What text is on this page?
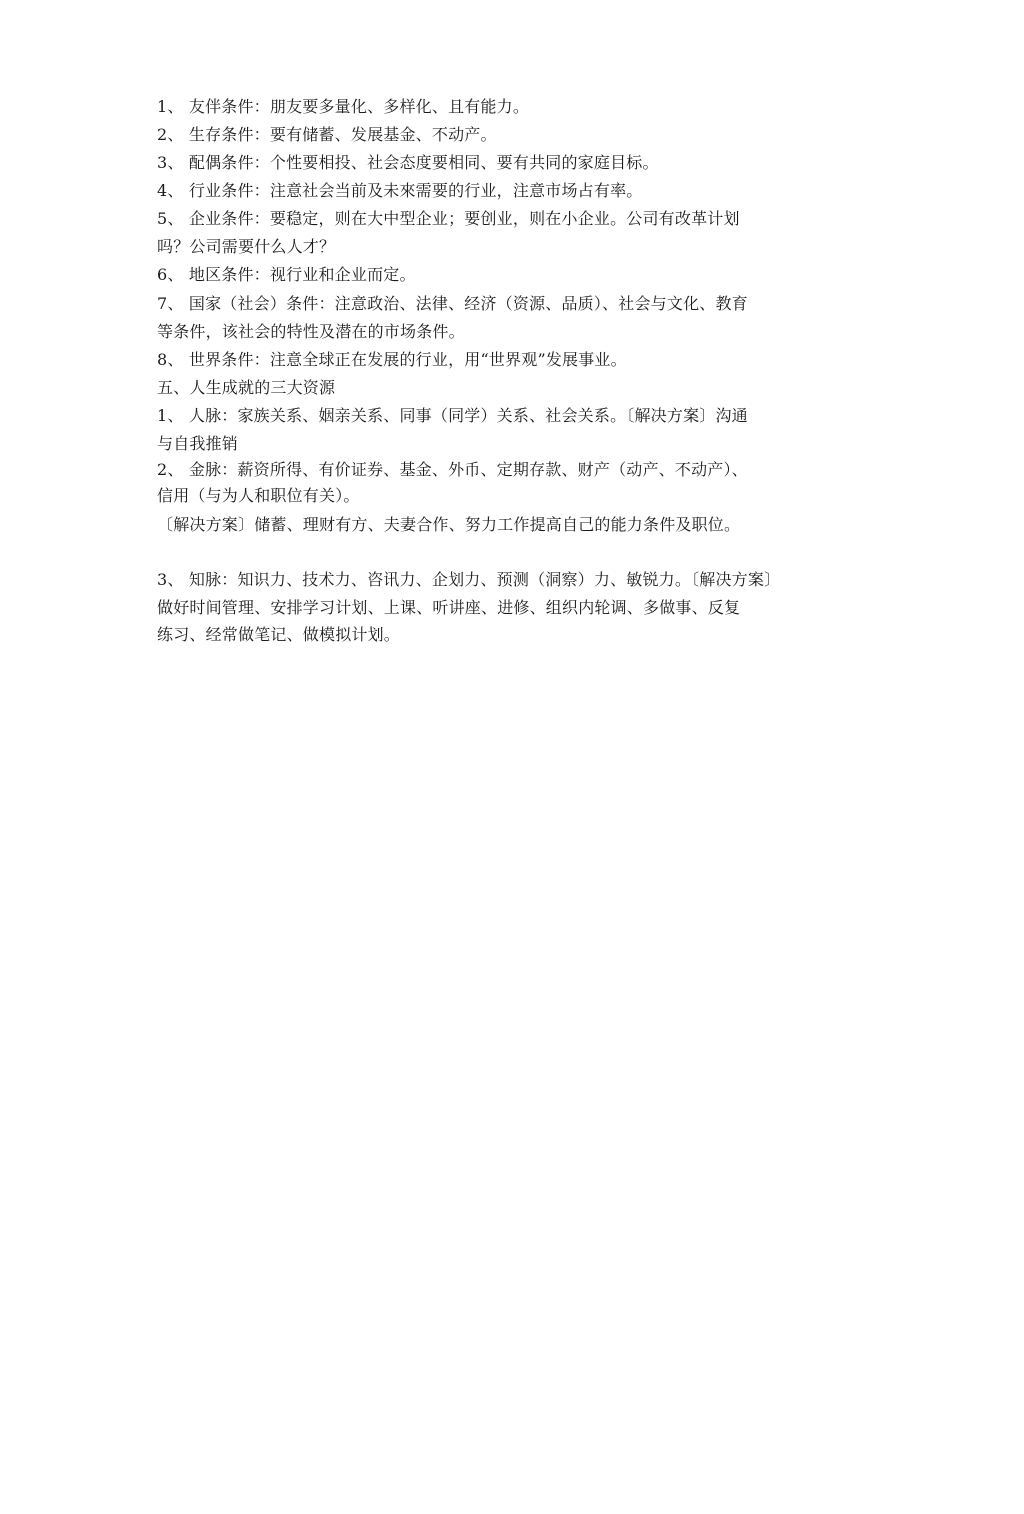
1、 友伴条件：朋友要多量化、多样化、且有能力。

2、 生存条件：要有储蓄、发展基金、不动产。

3、 配偶条件：个性要相投、社会态度要相同、要有共同的家庭目标。

4、 行业条件：注意社会当前及未來需要的行业，注意市场占有率。

5、 企业条件：要稳定，则在大中型企业；要创业，则在小企业。公司有改革计划

吗？公司需要什么人才？

6、 地区条件：视行业和企业而定。

7、 国家（社会）条件：注意政治、法律、经济（资源、品质）、社会与文化、教育

等条件，该社会的特性及潜在的市场条件。

8、 世界条件：注意全球正在发展的行业，用“世界观”发展事业。

五、人生成就的三大资源

1、 人脉：家族关系、姻亲关系、同事（同学）关系、社会关系。〔解决方案〕沟通

与自我推销

2、 金脉：薪资所得、有价证券、基金、外币、定期存款、财产（动产、不动产）、

信用（与为人和职位有关）。

〔解决方案〕储蓄、理财有方、夫妻合作、努力工作提高自己的能力条件及职位。

3、 知脉：知识力、技术力、咨讯力、企划力、预测（洞察）力、敏锐力。〔解决方案〕

做好时间管理、安排学习计划、上课、听讲座、进修、组织内轮调、多做事、反复

练习、经常做笔记、做模拟计划。
